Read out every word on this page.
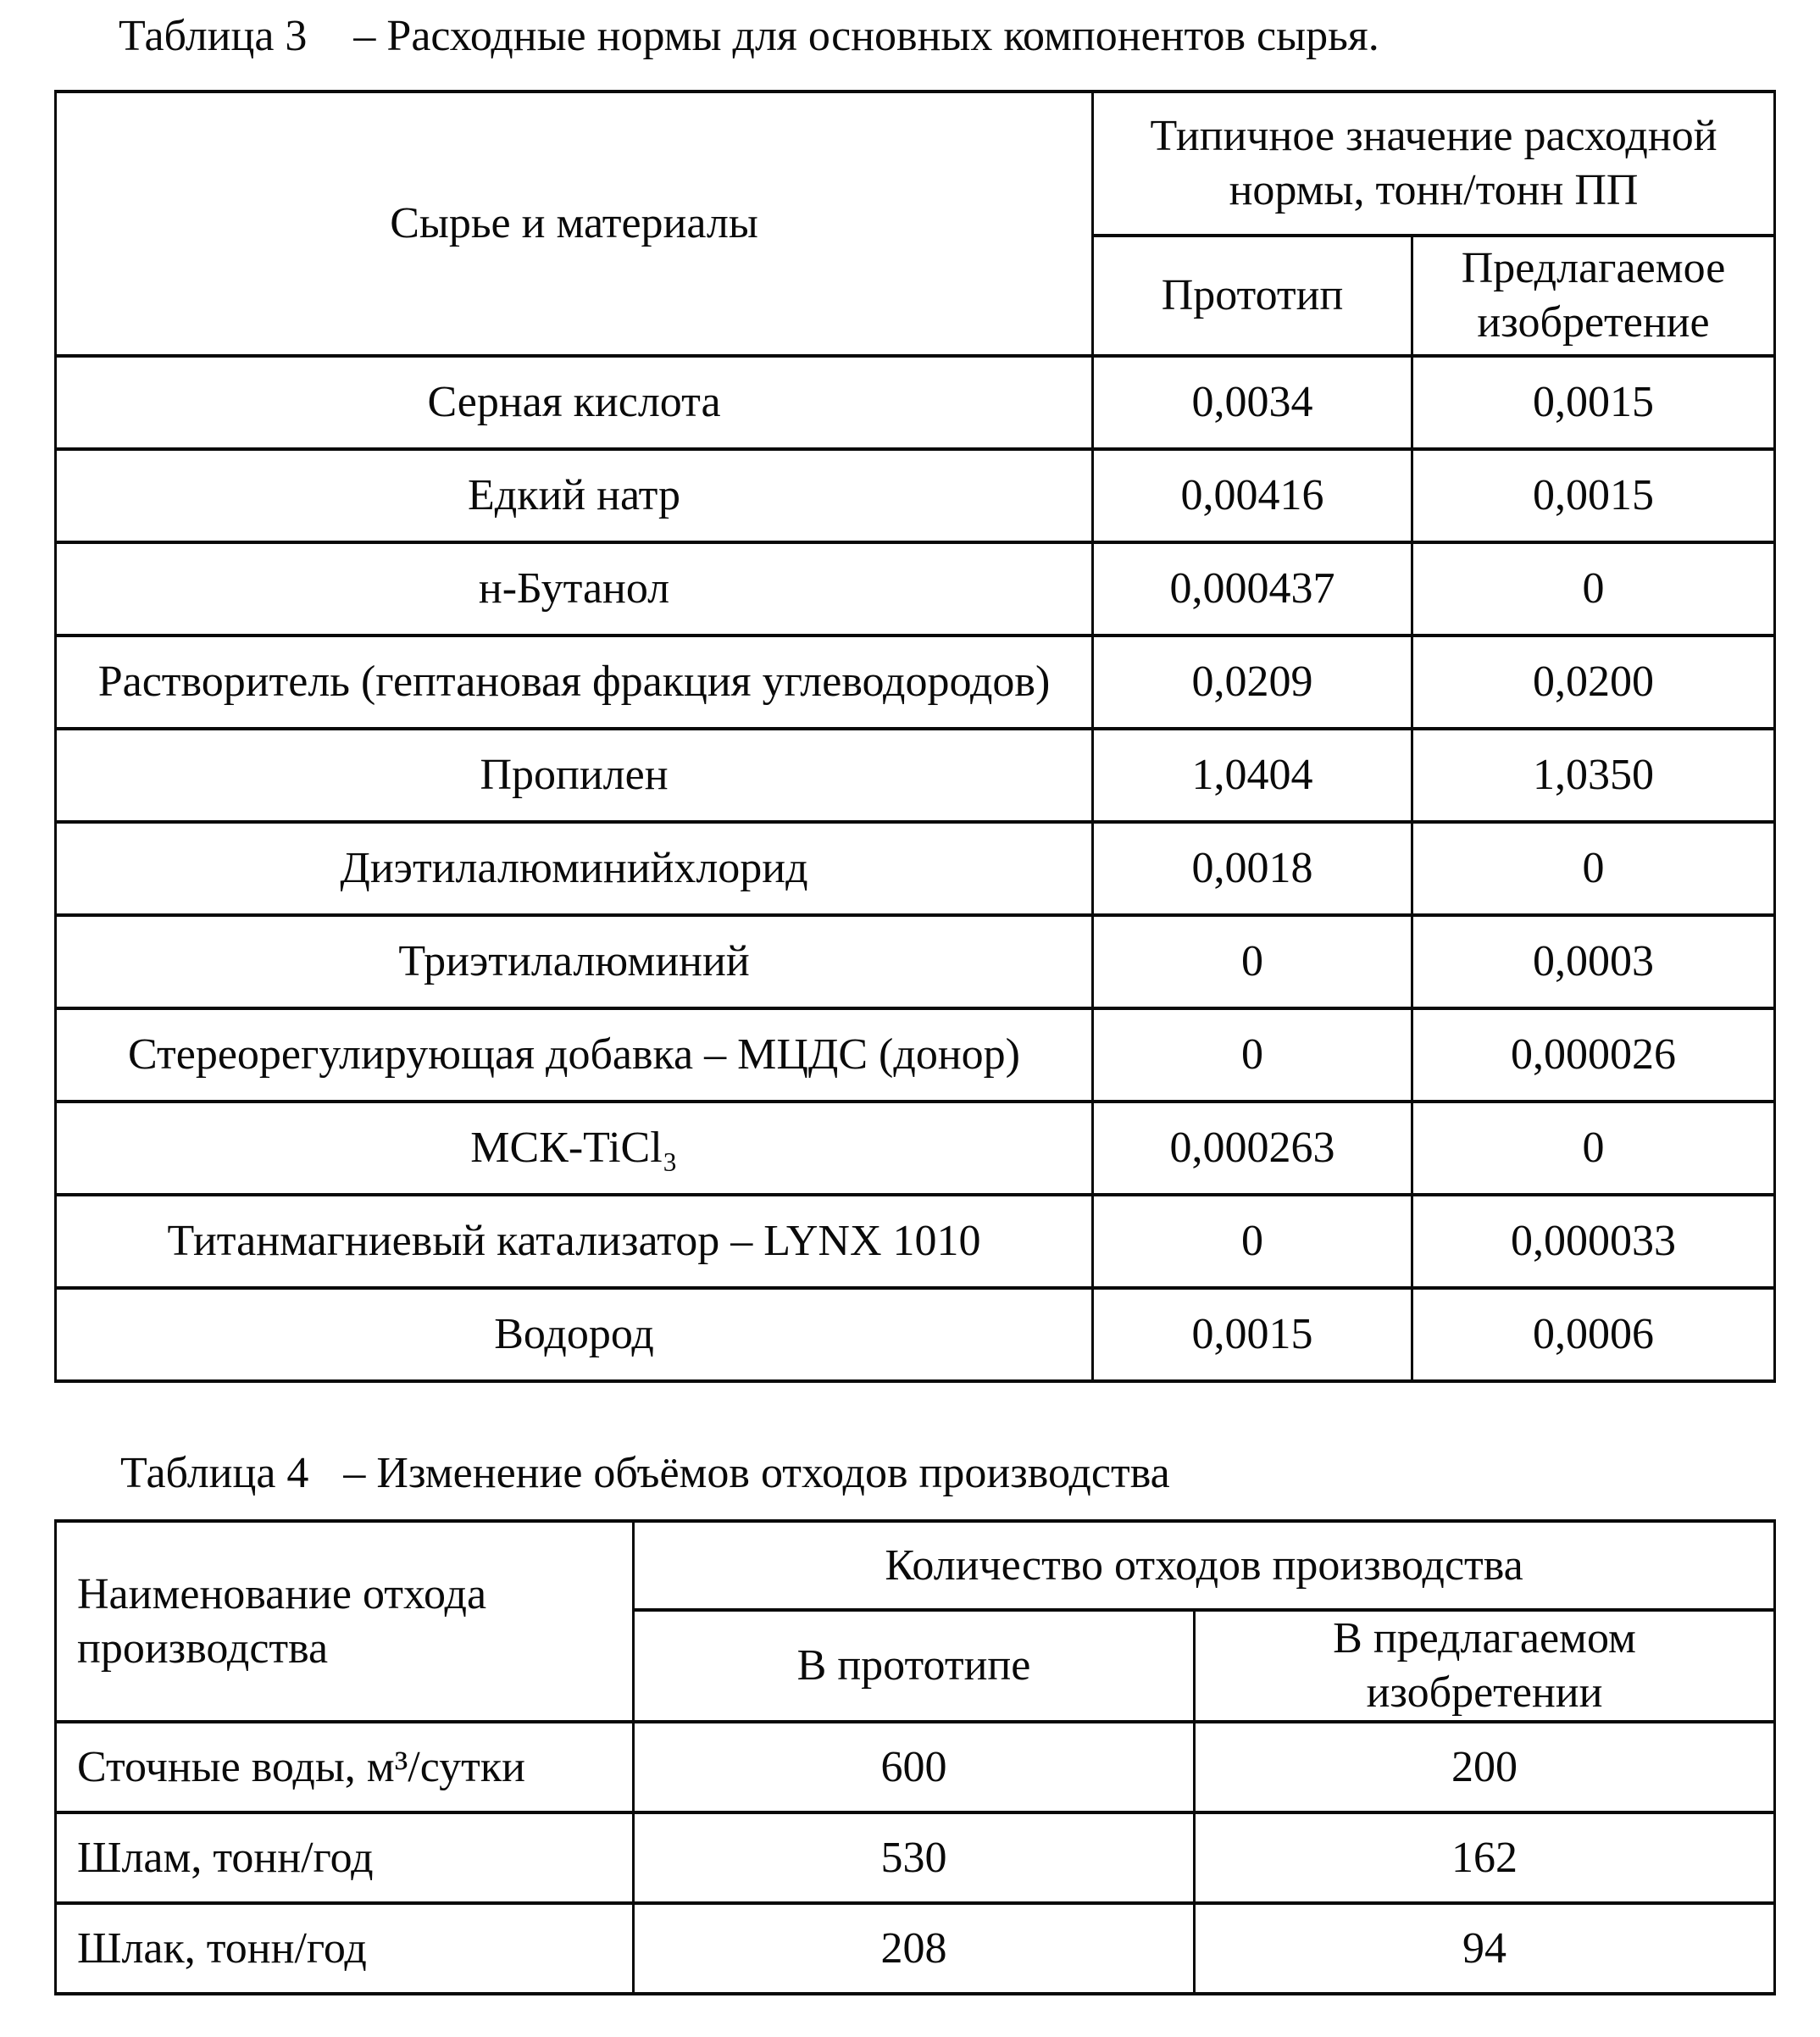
Таблица 3 – Расходные нормы для основных компонентов сырья.
Сырье и материалы	Типичное значение расходной нормы, тонн/тонн ПП	
	Прототип	Предлагаемое изобретение
Серная кислота	0,0034	0,0015
Едкий натр	0,00416	0,0015
н-Бутанол	0,000437	0
Растворитель (гептановая фракция углеводородов)	0,0209	0,0200
Пропилен	1,0404	1,0350
Диэтилалюминийхлорид	0,0018	0
Триэтилалюминий	0	0,0003
Стереорегулирующая добавка – МЦДС (донор)	0	0,000026
МСК-TiCl₃	0,000263	0
Титанмагниевый катализатор – LYNX 1010	0	0,000033
Водород	0,0015	0,0006
Таблица 4 – Изменение объёмов отходов производства
Наименование отхода производства	Количество отходов производства	
	В прототипе	В предлагаемом изобретении
Сточные воды, м³/сутки	600	200
Шлам, тонн/год	530	162
Шлак, тонн/год	208	94
